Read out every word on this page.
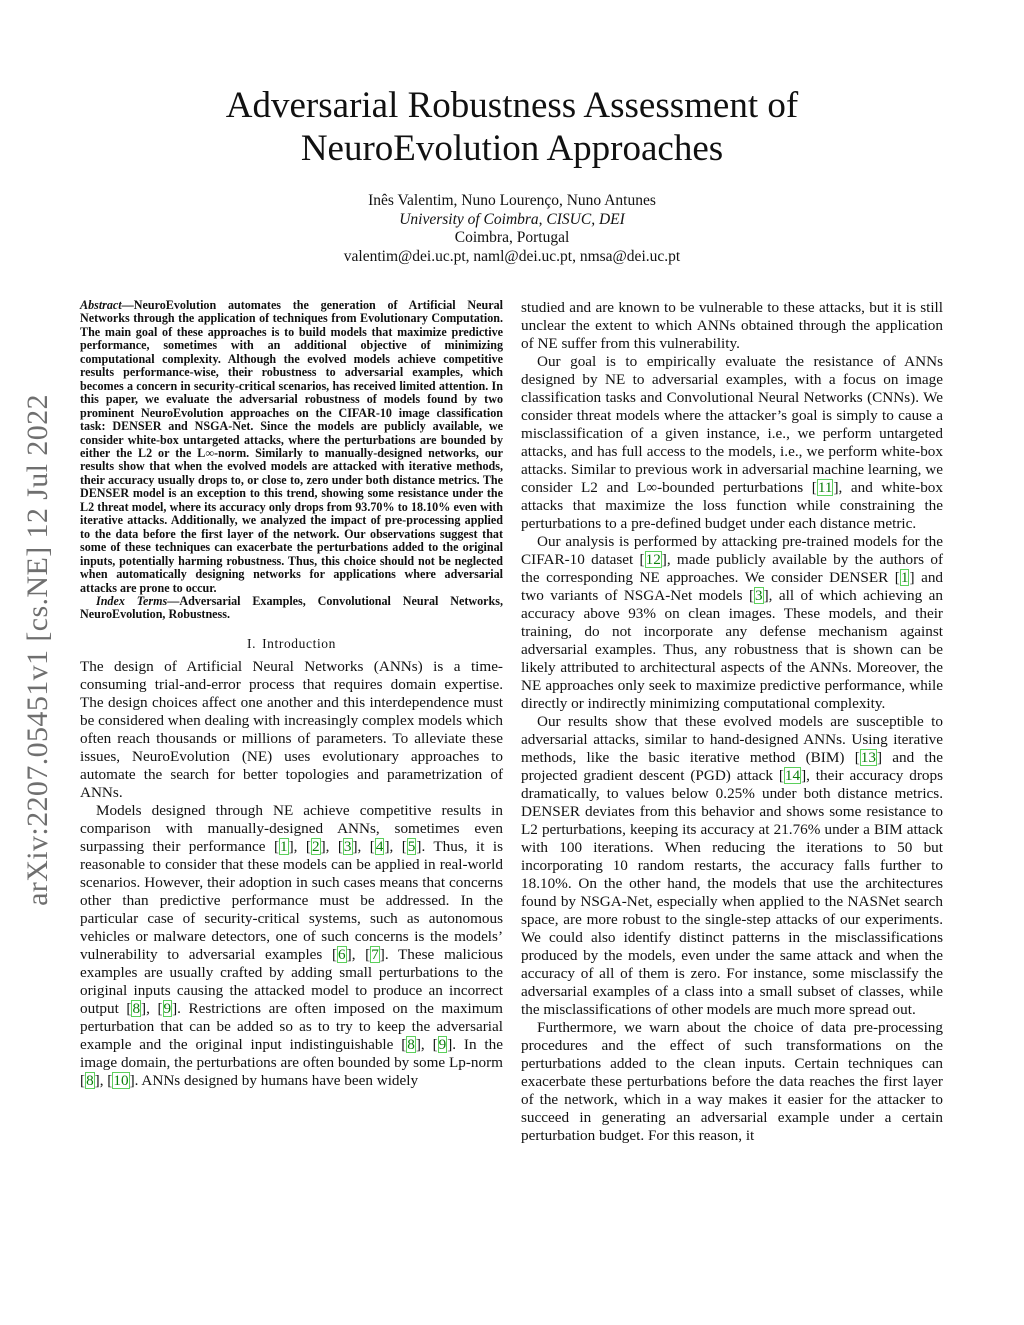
arXiv:2207.05451v1 [cs.NE] 12 Jul 2022
Adversarial Robustness Assessment of
NeuroEvolution Approaches
Inês Valentim, Nuno Lourenço, Nuno Antunes
University of Coimbra, CISUC, DEI
Coimbra, Portugal
valentim@dei.uc.pt, naml@dei.uc.pt, nmsa@dei.uc.pt

Abstract—NeuroEvolution automates the generation of Artificial Neural Networks through the application of techniques from Evolutionary Computation. The main goal of these approaches is to build models that maximize predictive performance, sometimes with an additional objective of minimizing computational complexity. Although the evolved models achieve competitive results performance-wise, their robustness to adversarial examples, which becomes a concern in security-critical scenarios, has received limited attention. In this paper, we evaluate the adversarial robustness of models found by two prominent NeuroEvolution approaches on the CIFAR-10 image classification task: DENSER and NSGA-Net. Since the models are publicly available, we consider white-box untargeted attacks, where the perturbations are bounded by either the L2 or the L∞-norm. Similarly to manually-designed networks, our results show that when the evolved models are attacked with iterative methods, their accuracy usually drops to, or close to, zero under both distance metrics. The DENSER model is an exception to this trend, showing some resistance under the L2 threat model, where its accuracy only drops from 93.70% to 18.10% even with iterative attacks. Additionally, we analyzed the impact of pre-processing applied to the data before the first layer of the network. Our observations suggest that some of these techniques can exacerbate the perturbations added to the original inputs, potentially harming robustness. Thus, this choice should not be neglected when automatically designing networks for applications where adversarial attacks are prone to occur.

Index Terms—Adversarial Examples, Convolutional Neural Networks, NeuroEvolution, Robustness.

I. Introduction

The design of Artificial Neural Networks (ANNs) is a time-consuming trial-and-error process that requires domain expertise. The design choices affect one another and this interdependence must be considered when dealing with increasingly complex models which often reach thousands or millions of parameters. To alleviate these issues, NeuroEvolution (NE) uses evolutionary approaches to automate the search for better topologies and parametrization of ANNs.

Models designed through NE achieve competitive results in comparison with manually-designed ANNs, sometimes even surpassing their performance [1], [2], [3], [4], [5]. Thus, it is reasonable to consider that these models can be applied in real-world scenarios. However, their adoption in such cases means that concerns other than predictive performance must be addressed. In the particular case of security-critical systems, such as autonomous vehicles or malware detectors, one of such concerns is the models’ vulnerability to adversarial examples [6], [7]. These malicious examples are usually crafted by adding small perturbations to the original inputs causing the attacked model to produce an incorrect output [8], [9]. Restrictions are often imposed on the maximum perturbation that can be added so as to try to keep the adversarial example and the original input indistinguishable [8], [9]. In the image domain, the perturbations are often bounded by some Lp-norm [8], [10]. ANNs designed by humans have been widely

studied and are known to be vulnerable to these attacks, but it is still unclear the extent to which ANNs obtained through the application of NE suffer from this vulnerability.

Our goal is to empirically evaluate the resistance of ANNs designed by NE to adversarial examples, with a focus on image classification tasks and Convolutional Neural Networks (CNNs). We consider threat models where the attacker’s goal is simply to cause a misclassification of a given instance, i.e., we perform untargeted attacks, and has full access to the models, i.e., we perform white-box attacks. Similar to previous work in adversarial machine learning, we consider L2 and L∞-bounded perturbations [11], and white-box attacks that maximize the loss function while constraining the perturbations to a pre-defined budget under each distance metric.

Our analysis is performed by attacking pre-trained models for the CIFAR-10 dataset [12], made publicly available by the authors of the corresponding NE approaches. We consider DENSER [1] and two variants of NSGA-Net models [3], all of which achieving an accuracy above 93% on clean images. These models, and their training, do not incorporate any defense mechanism against adversarial examples. Thus, any robustness that is shown can be likely attributed to architectural aspects of the ANNs. Moreover, the NE approaches only seek to maximize predictive performance, while directly or indirectly minimizing computational complexity.

Our results show that these evolved models are susceptible to adversarial attacks, similar to hand-designed ANNs. Using iterative methods, like the basic iterative method (BIM) [13] and the projected gradient descent (PGD) attack [14], their accuracy drops dramatically, to values below 0.25% under both distance metrics. DENSER deviates from this behavior and shows some resistance to L2 perturbations, keeping its accuracy at 21.76% under a BIM attack with 100 iterations. When reducing the iterations to 50 but incorporating 10 random restarts, the accuracy falls further to 18.10%. On the other hand, the models that use the architectures found by NSGA-Net, especially when applied to the NASNet search space, are more robust to the single-step attacks of our experiments. We could also identify distinct patterns in the misclassifications produced by the models, even under the same attack and when the accuracy of all of them is zero. For instance, some misclassify the adversarial examples of a class into a small subset of classes, while the misclassifications of other models are much more spread out.

Furthermore, we warn about the choice of data pre-processing procedures and the effect of such transformations on the perturbations added to the clean inputs. Certain techniques can exacerbate these perturbations before the data reaches the first layer of the network, which in a way makes it easier for the attacker to succeed in generating an adversarial example under a certain perturbation budget. For this reason, it
